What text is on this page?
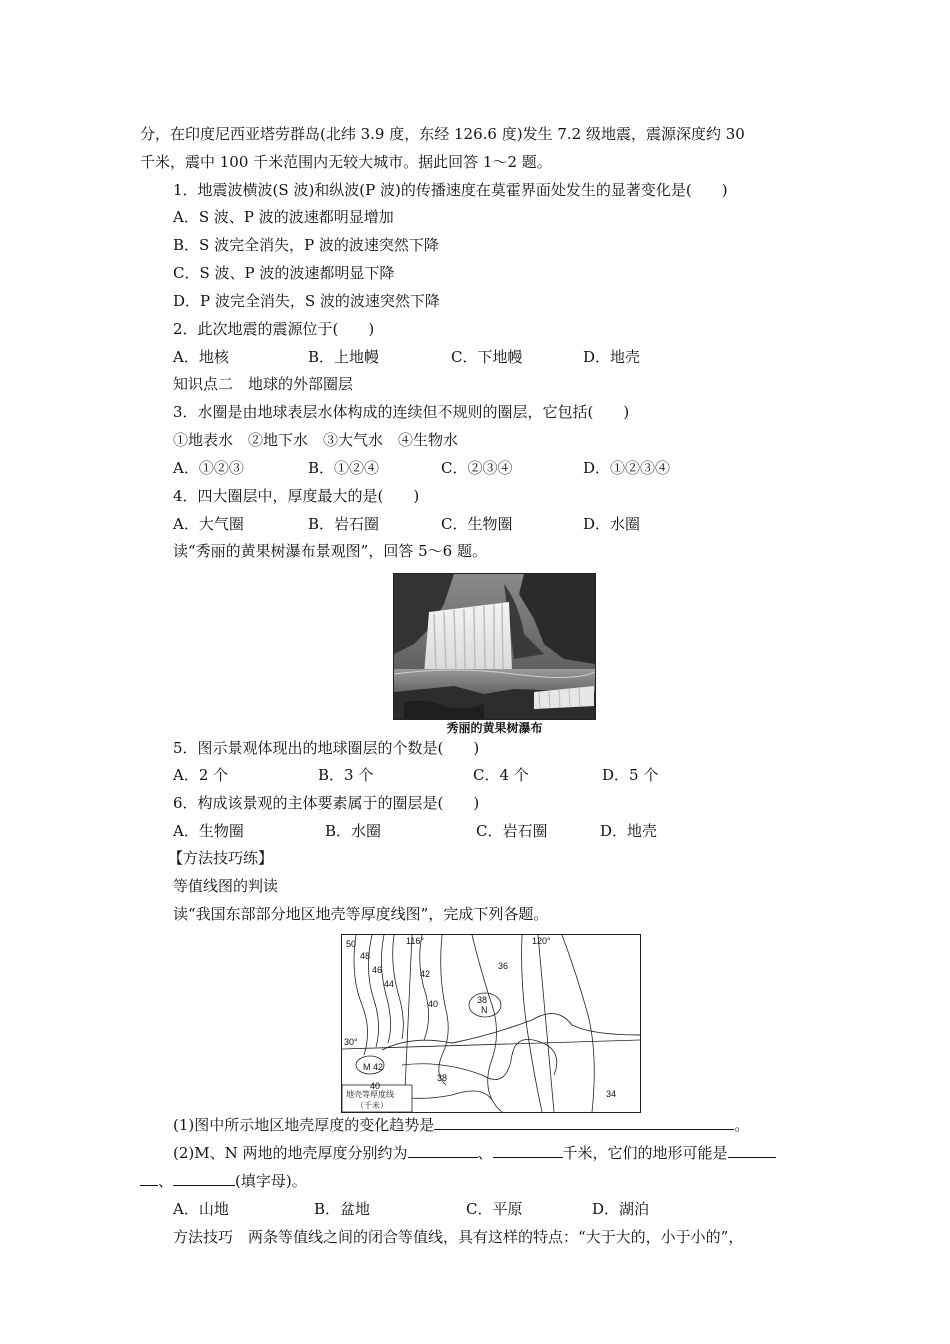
分，在印度尼西亚塔劳群岛(北纬 3.9 度，东经 126.6 度)发生 7.2 级地震，震源深度约 30
千米，震中 100 千米范围内无较大城市。据此回答 1～2 题。
1．地震波横波(S 波)和纵波(P 波)的传播速度在莫霍界面处发生的显著变化是(　　)
A．S 波、P 波的波速都明显增加
B．S 波完全消失，P 波的波速突然下降
C．S 波、P 波的波速都明显下降
D．P 波完全消失，S 波的波速突然下降
2．此次地震的震源位于(　　)
A．地核	B．上地幔	C．下地幔	D．地壳
知识点二　地球的外部圈层
3．水圈是由地球表层水体构成的连续但不规则的圈层，它包括(　　)
①地表水　②地下水　③大气水　④生物水
A．①②③	B．①②④	C．②③④	D．①②③④
4．四大圈层中，厚度最大的是(　　)
A．大气圈	B．岩石圈	C．生物圈	D．水圈
读“秀丽的黄果树瀑布景观图”，回答 5～6 题。
秀丽的黄果树瀑布
5．图示景观体现出的地球圈层的个数是(　　)
A．2 个	B．3 个	C．4 个	D．5 个
6．构成该景观的主体要素属于的圈层是(　　)
A．生物圈	B．水圈	C．岩石圈	D．地壳
【方法技巧练】
等值线图的判读
读“我国东部部分地区地壳等厚度线图”，完成下列各题。
50
48
46
44
42
40
36
38
42
40
38
34
116°	120°
30°
N
M
地壳等厚度线
（千米）
(1)图中所示地区地壳厚度的变化趋势是	。
(2)M、N 两地的地壳厚度分别约为	、	千米，它们的地形可能是
、	(填字母)。
A．山地	B．盆地	C．平原	D．湖泊
方法技巧　两条等值线之间的闭合等值线，具有这样的特点：“大于大的，小于小的”，
